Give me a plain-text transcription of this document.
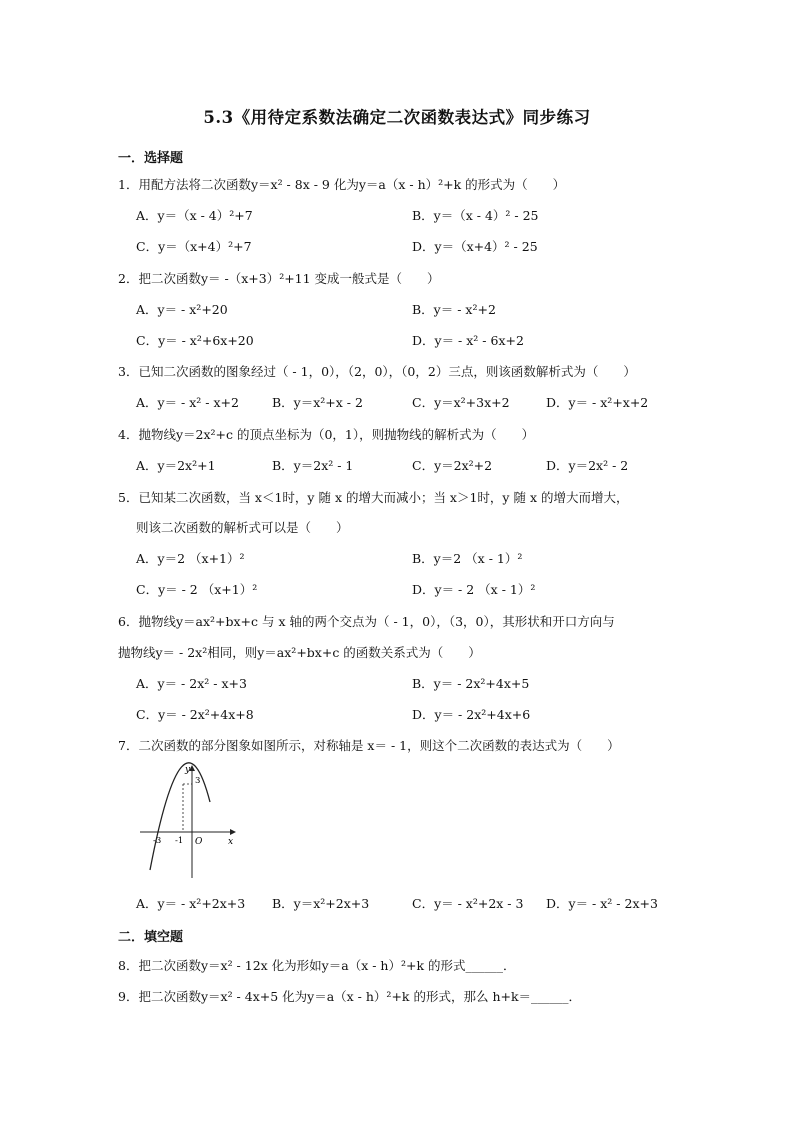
5.3《用待定系数法确定二次函数表达式》同步练习
一．选择题
1．用配方法将二次函数y＝x² - 8x - 9 化为y＝a（x - h）²+k 的形式为（　　）
A．y＝（x - 4）²+7	B．y＝（x - 4）² - 25
C．y＝（x+4）²+7	D．y＝（x+4）² - 25
2．把二次函数y＝ -（x+3）²+11 变成一般式是（　　）
A．y＝ - x²+20	B．y＝ - x²+2
C．y＝ - x²+6x+20	D．y＝ - x² - 6x+2
3．已知二次函数的图象经过（ - 1，0），（2，0），（0，2）三点，则该函数解析式为（　　）
A．y＝ - x² - x+2	B．y＝x²+x - 2	C．y＝x²+3x+2	D．y＝ - x²+x+2
4．抛物线y＝2x²+c 的顶点坐标为（0，1），则抛物线的解析式为（　　）
A．y＝2x²+1	B．y＝2x² - 1	C．y＝2x²+2	D．y＝2x² - 2
5．已知某二次函数，当 x＜1时，y 随 x 的增大而减小；当 x＞1时，y 随 x 的增大而增大，
则该二次函数的解析式可以是（　　）
A．y＝2 （x+1）²	B．y＝2 （x - 1）²
C．y＝ - 2 （x+1）²	D．y＝ - 2 （x - 1）²
6．抛物线y＝ax²+bx+c 与 x 轴的两个交点为（ - 1，0），（3，0），其形状和开口方向与
抛物线y＝ - 2x²相同，则y＝ax²+bx+c 的函数关系式为（　　）
A．y＝ - 2x² - x+3	B．y＝ - 2x²+4x+5
C．y＝ - 2x²+4x+8	D．y＝ - 2x²+4x+6
7．二次函数的部分图象如图所示，对称轴是 x＝ - 1，则这个二次函数的表达式为（　　）
y
x
O
-3 -1
3
A．y＝ - x²+2x+3 B．y＝x²+2x+3	C．y＝ - x²+2x - 3 D．y＝ - x² - 2x+3
二．填空题
8．把二次函数y＝x² - 12x 化为形如y＝a（x - h）²+k 的形式______．
9．把二次函数y＝x² - 4x+5 化为y＝a（x - h）²+k 的形式，那么 h+k＝______．
